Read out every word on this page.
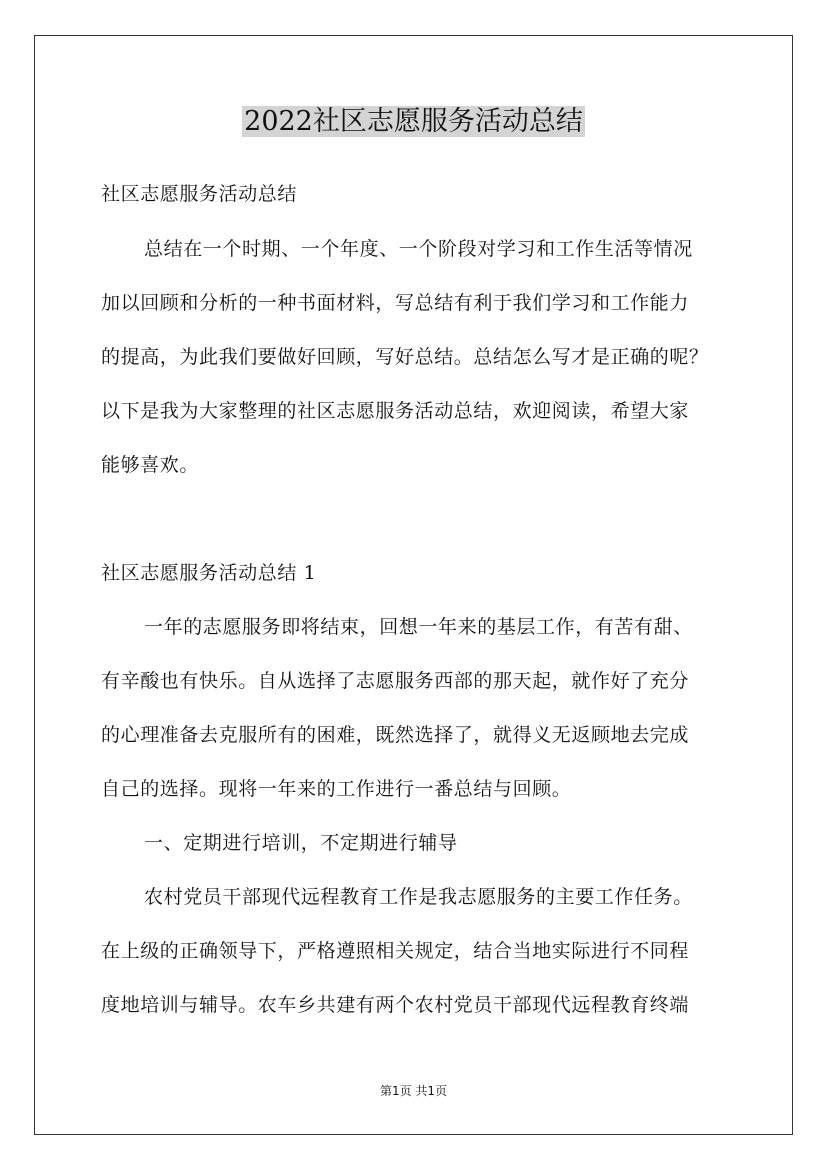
2022社区志愿服务活动总结
社区志愿服务活动总结
总结在一个时期、一个年度、一个阶段对学习和工作生活等情况
加以回顾和分析的一种书面材料，写总结有利于我们学习和工作能力
的提高，为此我们要做好回顾，写好总结。总结怎么写才是正确的呢？
以下是我为大家整理的社区志愿服务活动总结，欢迎阅读，希望大家
能够喜欢。
社区志愿服务活动总结 1
一年的志愿服务即将结束，回想一年来的基层工作，有苦有甜、
有辛酸也有快乐。自从选择了志愿服务西部的那天起，就作好了充分
的心理准备去克服所有的困难，既然选择了，就得义无返顾地去完成
自己的选择。现将一年来的工作进行一番总结与回顾。
一、定期进行培训，不定期进行辅导
农村党员干部现代远程教育工作是我志愿服务的主要工作任务。
在上级的正确领导下，严格遵照相关规定，结合当地实际进行不同程
度地培训与辅导。农车乡共建有两个农村党员干部现代远程教育终端
第1页 共1页
